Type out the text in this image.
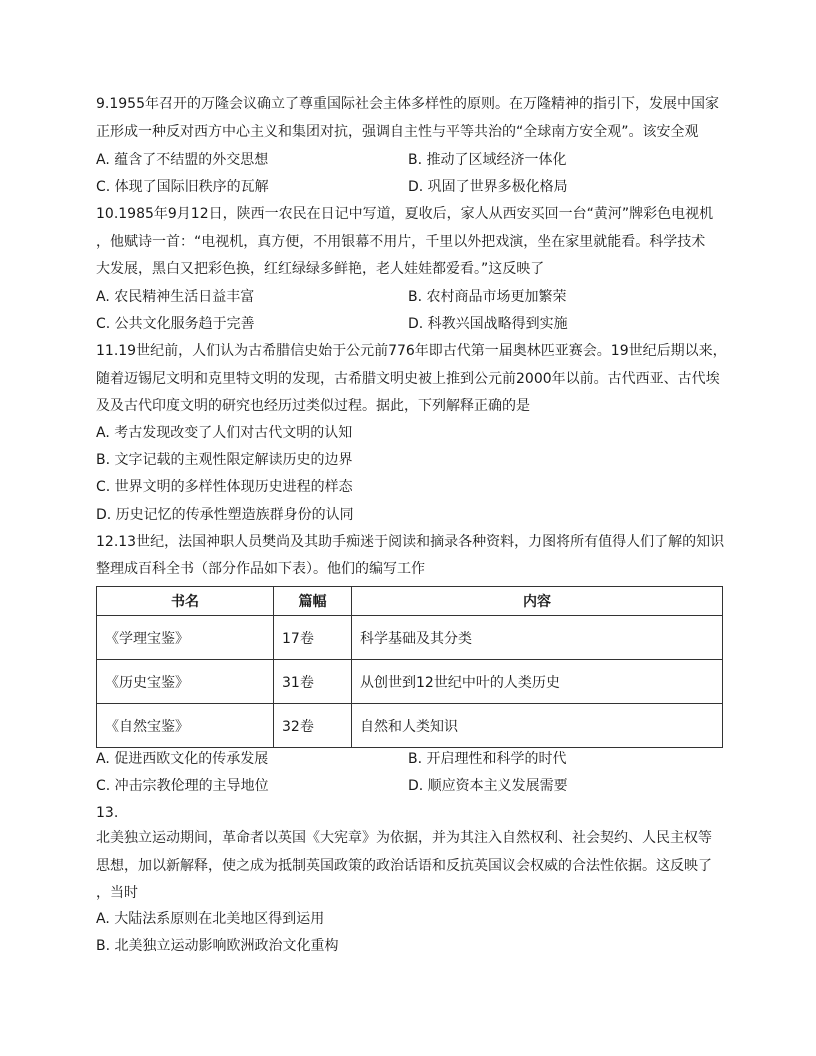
9.1955年召开的万隆会议确立了尊重国际社会主体多样性的原则。在万隆精神的指引下，发展中国家
正形成一种反对西方中心主义和集团对抗，强调自主性与平等共治的“全球南方安全观”。该安全观
A. 蕴含了不结盟的外交思想	B. 推动了区域经济一体化
C. 体现了国际旧秩序的瓦解	D. 巩固了世界多极化格局
10.1985年9月12日，陕西一农民在日记中写道，夏收后，家人从西安买回一台“黄河”牌彩色电视机
，他赋诗一首：“电视机，真方便，不用银幕不用片，千里以外把戏演，坐在家里就能看。科学技术
大发展，黑白又把彩色换，红红绿绿多鲜艳，老人娃娃都爱看。”这反映了
A. 农民精神生活日益丰富	B. 农村商品市场更加繁荣
C. 公共文化服务趋于完善	D. 科教兴国战略得到实施
11.19世纪前，人们认为古希腊信史始于公元前776年即古代第一届奥林匹亚赛会。19世纪后期以来，
随着迈锡尼文明和克里特文明的发现，古希腊文明史被上推到公元前2000年以前。古代西亚、古代埃
及及古代印度文明的研究也经历过类似过程。据此，下列解释正确的是
A. 考古发现改变了人们对古代文明的认知
B. 文字记载的主观性限定解读历史的边界
C. 世界文明的多样性体现历史进程的样态
D. 历史记忆的传承性塑造族群身份的认同
12.13世纪，法国神职人员樊尚及其助手痴迷于阅读和摘录各种资料，力图将所有值得人们了解的知识
整理成百科全书（部分作品如下表）。他们的编写工作
书名	篇幅	内容
《学理宝鉴》	17卷	科学基础及其分类
《历史宝鉴》	31卷	从创世到12世纪中叶的人类历史
《自然宝鉴》	32卷	自然和人类知识
A. 促进西欧文化的传承发展	B. 开启理性和科学的时代
C. 冲击宗教伦理的主导地位	D. 顺应资本主义发展需要
13.
北美独立运动期间，革命者以英国《大宪章》为依据，并为其注入自然权利、社会契约、人民主权等
思想，加以新解释，使之成为抵制英国政策的政治话语和反抗英国议会权威的合法性依据。这反映了
，当时
A. 大陆法系原则在北美地区得到运用
B. 北美独立运动影响欧洲政治文化重构
